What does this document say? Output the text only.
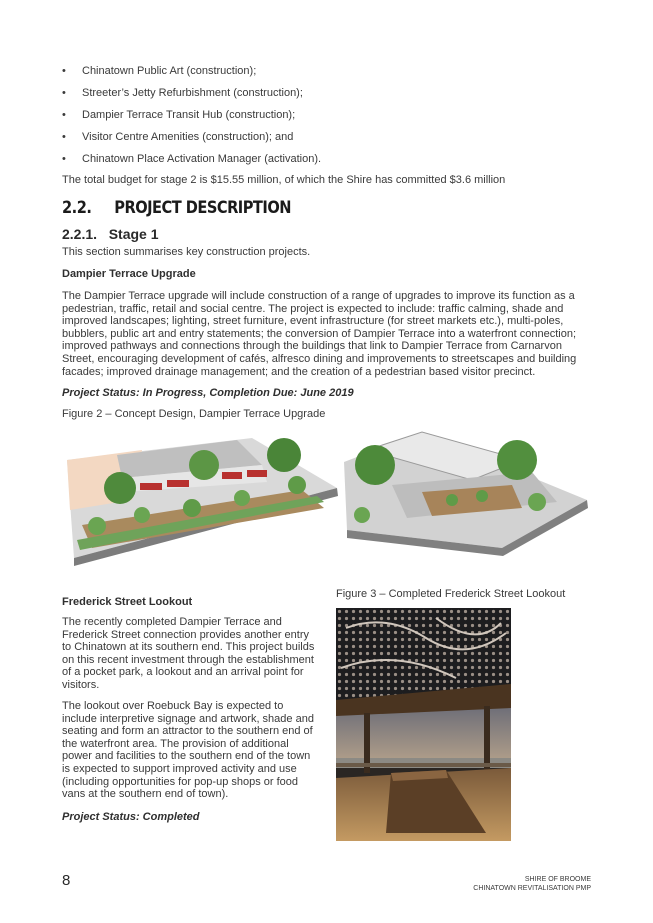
• Chinatown Public Art (construction);
• Streeter’s Jetty Refurbishment (construction);
• Dampier Terrace Transit Hub (construction);
• Visitor Centre Amenities (construction); and
• Chinatown Place Activation Manager (activation).
The total budget for stage 2 is $15.55 million, of which the Shire has committed $3.6 million
2.2.     PROJECT DESCRIPTION
2.2.1.   Stage 1
This section summarises key construction projects.
Dampier Terrace Upgrade
The Dampier Terrace upgrade will include construction of a range of upgrades to improve its function as a
pedestrian, traffic, retail and social centre. The project is expected to include: traffic calming, shade and
improved landscapes; lighting, street furniture, event infrastructure (for street markets etc.), multi-poles,
bubblers, public art and entry statements; the conversion of Dampier Terrace into a waterfront connection;
improved pathways and connections through the buildings that link to Dampier Terrace from Carnarvon
Street, encouraging development of cafés, alfresco dining and improvements to streetscapes and building
facades; improved drainage management; and the creation of a pedestrian based visitor precinct.
Project Status: In Progress, Completion Due: June 2019
Figure 2 – Concept Design, Dampier Terrace Upgrade
Figure 3 – Completed Frederick Street Lookout
Frederick Street Lookout
The recently completed Dampier Terrace and
Frederick Street connection provides another entry
to Chinatown at its southern end. This project builds
on this recent investment through the establishment
of a pocket park, a lookout and an arrival point for
visitors.
The lookout over Roebuck Bay is expected to
include interpretive signage and artwork, shade and
seating and form an attractor to the southern end of
the waterfront area. The provision of additional
power and facilities to the southern end of the town
is expected to support improved activity and use
(including opportunities for pop-up shops or food
vans at the southern end of town).
Project Status: Completed
8	SHIRE OF BROOME
CHINATOWN REVITALISATION PMP
